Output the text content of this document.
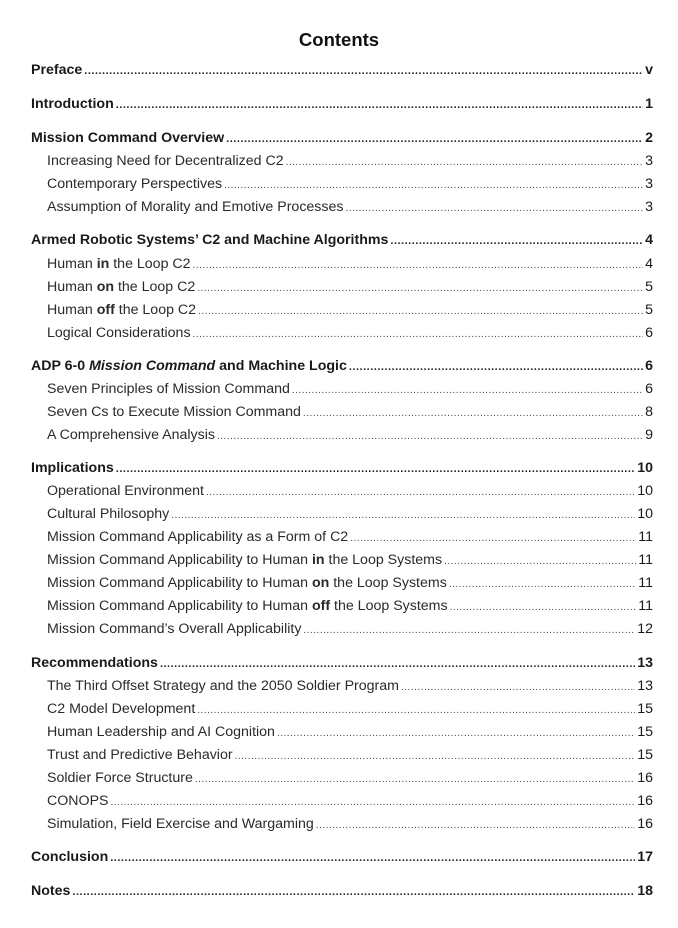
Contents
Preface .....	v
Introduction .....	1
Mission Command Overview .....	2
Increasing Need for Decentralized C2 .....	3
Contemporary Perspectives .....	3
Assumption of Morality and Emotive Processes .....	3
Armed Robotic Systems’ C2 and Machine Algorithms .....	4
Human in the Loop C2 .....	4
Human on the Loop C2 .....	5
Human off the Loop C2 .....	5
Logical Considerations .....	6
ADP 6-0 Mission Command and Machine Logic .....	6
Seven Principles of Mission Command .....	6
Seven Cs to Execute Mission Command .....	8
A Comprehensive Analysis .....	9
Implications .....	10
Operational Environment .....	10
Cultural Philosophy .....	10
Mission Command Applicability as a Form of C2 .....	11
Mission Command Applicability to Human in the Loop Systems .....	11
Mission Command Applicability to Human on the Loop Systems .....	11
Mission Command Applicability to Human off the Loop Systems .....	11
Mission Command’s Overall Applicability .....	12
Recommendations .....	13
The Third Offset Strategy and the 2050 Soldier Program .....	13
C2 Model Development .....	15
Human Leadership and AI Cognition .....	15
Trust and Predictive Behavior .....	15
Soldier Force Structure .....	16
CONOPS .....	16
Simulation, Field Exercise and Wargaming .....	16
Conclusion .....	17
Notes .....	18
